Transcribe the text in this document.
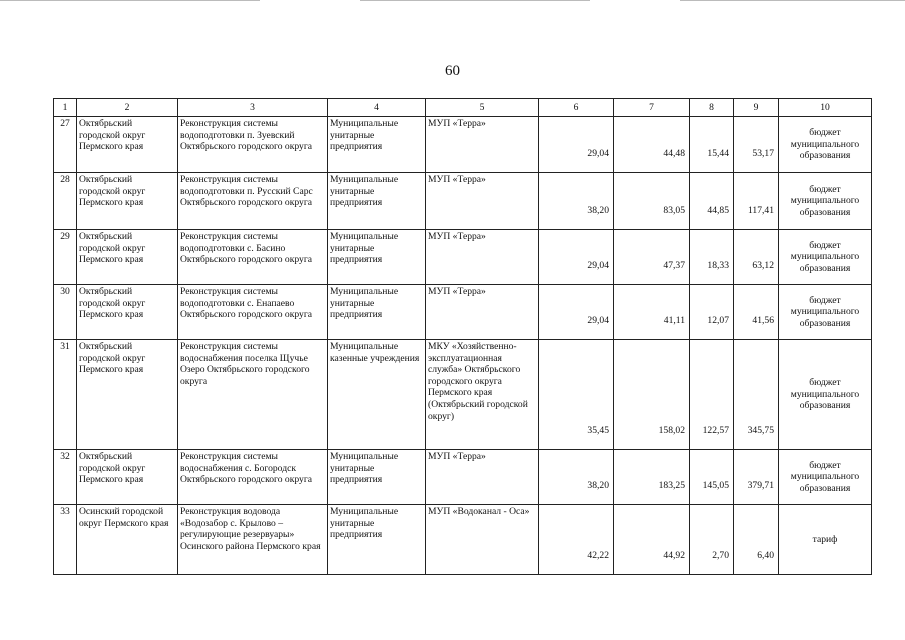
60
1	2	3	4	5	6	7	8	9	10
27	Октябрьский городской округ Пермского края	Реконструкция системы водоподготовки п. Зуевский Октябрьского городского округа	Муниципальные унитарные предприятия	МУП «Терра»	29,04	44,48	15,44	53,17	бюджет муниципального образования
28	Октябрьский городской округ Пермского края	Реконструкция системы водоподготовки п. Русский Сарс Октябрьского городского округа	Муниципальные унитарные предприятия	МУП «Терра»	38,20	83,05	44,85	117,41	бюджет муниципального образования
29	Октябрьский городской округ Пермского края	Реконструкция системы водоподготовки с. Басино Октябрьского городского округа	Муниципальные унитарные предприятия	МУП «Терра»	29,04	47,37	18,33	63,12	бюджет муниципального образования
30	Октябрьский городской округ Пермского края	Реконструкция системы водоподготовки с. Енапаево Октябрьского городского округа	Муниципальные унитарные предприятия	МУП «Терра»	29,04	41,11	12,07	41,56	бюджет муниципального образования
31	Октябрьский городской округ Пермского края	Реконструкция системы водоснабжения поселка Щучье Озеро Октябрьского городского округа	Муниципальные казенные учреждения	МКУ «Хозяйственно-эксплуатационная служба» Октябрьского городского округа Пермского края (Октябрьский городской округ)	35,45	158,02	122,57	345,75	бюджет муниципального образования
32	Октябрьский городской округ Пермского края	Реконструкция системы водоснабжения с. Богородск Октябрьского городского округа	Муниципальные унитарные предприятия	МУП «Терра»	38,20	183,25	145,05	379,71	бюджет муниципального образования
33	Осинский городской округ Пермского края	Реконструкция водовода «Водозабор с. Крылово – регулирующие резервуары» Осинского района Пермского края	Муниципальные унитарные предприятия	МУП «Водоканал - Оса»	42,22	44,92	2,70	6,40	тариф
